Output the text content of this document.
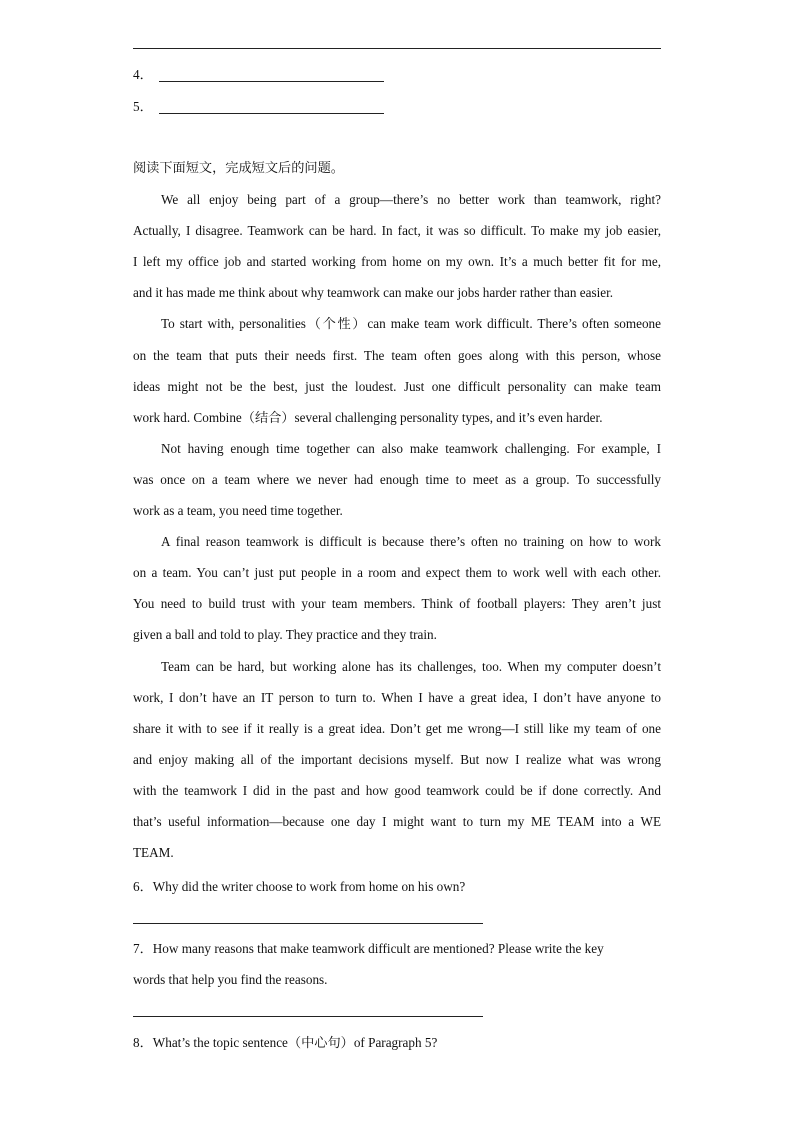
4．
5．
阅读下面短文，完成短文后的问题。
We all enjoy being part of a group—there’s no better work than teamwork, right?
Actually, I disagree. Teamwork can be hard. In fact, it was so difficult. To make my job easier,
I left my office job and started working from home on my own. It’s a much better fit for me,
and it has made me think about why teamwork can make our jobs harder rather than easier.
To start with, personalities（个性）can make team work difficult. There’s often someone
on the team that puts their needs first. The team often goes along with this person, whose
ideas might not be the best, just the loudest. Just one difficult personality can make team
work hard. Combine（结合）several challenging personality types, and it’s even harder.
Not having enough time together can also make teamwork challenging. For example, I
was once on a team where we never had enough time to meet as a group. To successfully
work as a team, you need time together.
A final reason teamwork is difficult is because there’s often no training on how to work
on a team. You can’t just put people in a room and expect them to work well with each other.
You need to build trust with your team members. Think of football players: They aren’t just
given a ball and told to play. They practice and they train.
Team can be hard, but working alone has its challenges, too. When my computer doesn’t
work, I don’t have an IT person to turn to. When I have a great idea, I don’t have anyone to
share it with to see if it really is a great idea. Don’t get me wrong—I still like my team of one
and enjoy making all of the important decisions myself. But now I realize what was wrong
with the teamwork I did in the past and how good teamwork could be if done correctly. And
that’s useful information—because one day I might want to turn my ME TEAM into a WE
TEAM.
6．Why did the writer choose to work from home on his own?
7．How many reasons that make teamwork difficult are mentioned? Please write the key
words that help you find the reasons.
8．What’s the topic sentence（中心句）of Paragraph 5?
